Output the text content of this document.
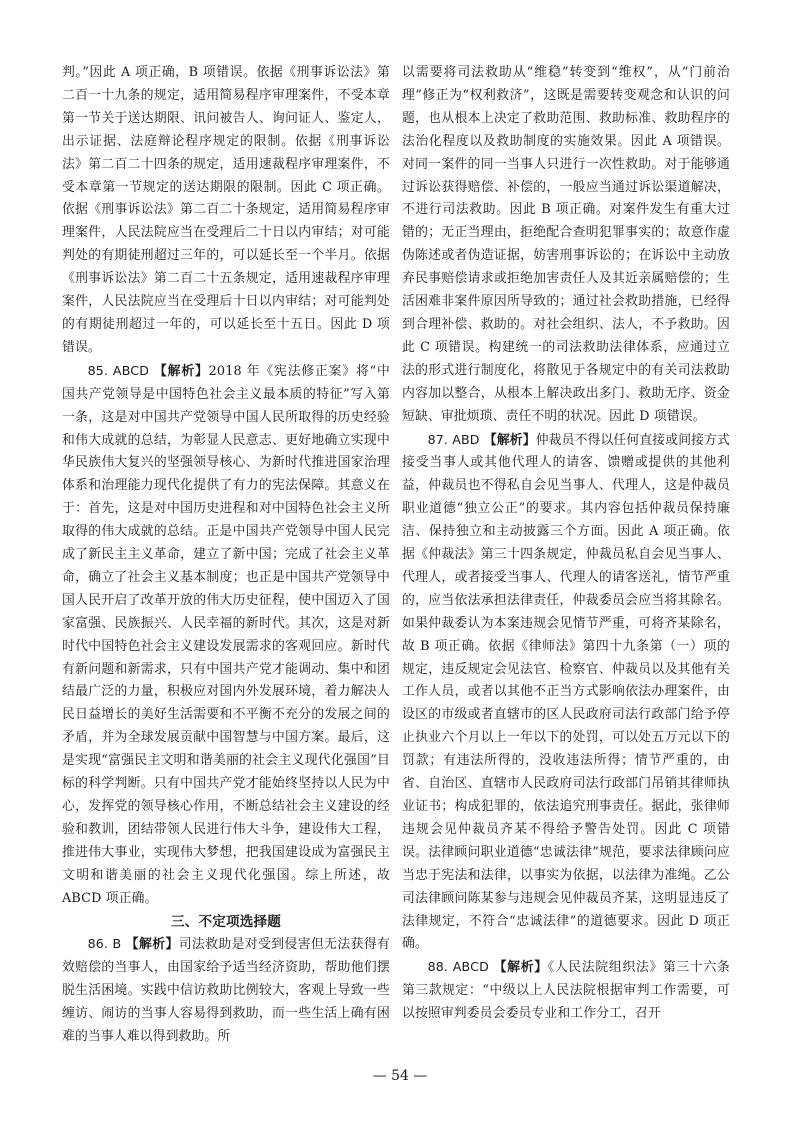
判。”因此 A 项正确，B 项错误。依据《刑事诉讼法》第二百一十九条的规定，适用简易程序审理案件，不受本章第一节关于送达期限、讯问被告人、询问证人、鉴定人，出示证据、法庭辩论程序规定的限制。依据《刑事诉讼法》第二百二十四条的规定，适用速裁程序审理案件，不受本章第一节规定的送达期限的限制。因此 C 项正确。依据《刑事诉讼法》第二百二十条规定，适用简易程序审理案件，人民法院应当在受理后二十日以内审结；对可能判处的有期徒刑超过三年的，可以延长至一个半月。依据《刑事诉讼法》第二百二十五条规定，适用速裁程序审理案件，人民法院应当在受理后十日以内审结；对可能判处的有期徒刑超过一年的，可以延长至十五日。因此 D 项错误。

85. ABCD 【解析】2018 年《宪法修正案》将“中国共产党领导是中国特色社会主义最本质的特征”写入第一条，这是对中国共产党领导中国人民所取得的历史经验和伟大成就的总结，为彰显人民意志、更好地确立实现中华民族伟大复兴的坚强领导核心、为新时代推进国家治理体系和治理能力现代化提供了有力的宪法保障。其意义在于：首先，这是对中国历史进程和对中国特色社会主义所取得的伟大成就的总结。正是中国共产党领导中国人民完成了新民主主义革命，建立了新中国；完成了社会主义革命，确立了社会主义基本制度；也正是中国共产党领导中国人民开启了改革开放的伟大历史征程，使中国迈入了国家富强、民族振兴、人民幸福的新时代。其次，这是对新时代中国特色社会主义建设发展需求的客观回应。新时代有新问题和新需求，只有中国共产党才能调动、集中和团结最广泛的力量，积极应对国内外发展环境，着力解决人民日益增长的美好生活需要和不平衡不充分的发展之间的矛盾，并为全球发展贡献中国智慧与中国方案。最后，这是实现“富强民主文明和谐美丽的社会主义现代化强国”目标的科学判断。只有中国共产党才能始终坚持以人民为中心，发挥党的领导核心作用，不断总结社会主义建设的经验和教训，团结带领人民进行伟大斗争，建设伟大工程，推进伟大事业，实现伟大梦想，把我国建设成为富强民主文明和谐美丽的社会主义现代化强国。综上所述，故 ABCD 项正确。

三、不定项选择题

86. B 【解析】司法救助是对受到侵害但无法获得有效赔偿的当事人，由国家给予适当经济资助，帮助他们摆脱生活困境。实践中信访救助比例较大，客观上导致一些缠访、闹访的当事人容易得到救助，而一些生活上确有困难的当事人难以得到救助。所

以需要将司法救助从“维稳”转变到“维权”，从“门前治理”修正为“权利救济”，这既是需要转变观念和认识的问题，也从根本上决定了救助范围、救助标准、救助程序的法治化程度以及救助制度的实施效果。因此 A 项错误。对同一案件的同一当事人只进行一次性救助。对于能够通过诉讼获得赔偿、补偿的，一般应当通过诉讼渠道解决，不进行司法救助。因此 B 项正确。对案件发生有重大过错的；无正当理由，拒绝配合查明犯罪事实的；故意作虚伪陈述或者伪造证据，妨害刑事诉讼的；在诉讼中主动放弃民事赔偿请求或拒绝加害责任人及其近亲属赔偿的；生活困难非案件原因所导致的；通过社会救助措施，已经得到合理补偿、救助的。对社会组织、法人，不予救助。因此 C 项错误。构建统一的司法救助法律体系，应通过立法的形式进行制度化，将散见于各规定中的有关司法救助内容加以整合，从根本上解决政出多门、救助无序、资金短缺、审批烦琐、责任不明的状况。因此 D 项错误。

87. ABD 【解析】仲裁员不得以任何直接或间接方式接受当事人或其他代理人的请客、馈赠或提供的其他利益，仲裁员也不得私自会见当事人、代理人，这是仲裁员职业道德“独立公正”的要求。其内容包括仲裁员保持廉洁、保持独立和主动披露三个方面。因此 A 项正确。依据《仲裁法》第三十四条规定，仲裁员私自会见当事人、代理人，或者接受当事人、代理人的请客送礼，情节严重的，应当依法承担法律责任，仲裁委员会应当将其除名。如果仲裁委认为本案违规会见情节严重，可将齐某除名，故 B 项正确。依据《律师法》第四十九条第（一）项的规定，违反规定会见法官、检察官、仲裁员以及其他有关工作人员，或者以其他不正当方式影响依法办理案件，由设区的市级或者直辖市的区人民政府司法行政部门给予停止执业六个月以上一年以下的处罚，可以处五万元以下的罚款；有违法所得的，没收违法所得；情节严重的，由省、自治区、直辖市人民政府司法行政部门吊销其律师执业证书；构成犯罪的，依法追究刑事责任。据此，张律师违规会见仲裁员齐某不得给予警告处罚。因此 C 项错误。法律顾问职业道德“忠诚法律”规范，要求法律顾问应当忠于宪法和法律，以事实为依据，以法律为准绳。乙公司法律顾问陈某参与违规会见仲裁员齐某，这明显违反了法律规定，不符合“忠诚法律”的道德要求。因此 D 项正确。

88. ABCD 【解析】《人民法院组织法》第三十六条第三款规定：“中级以上人民法院根据审判工作需要，可以按照审判委员会委员专业和工作分工，召开

— 54 —
